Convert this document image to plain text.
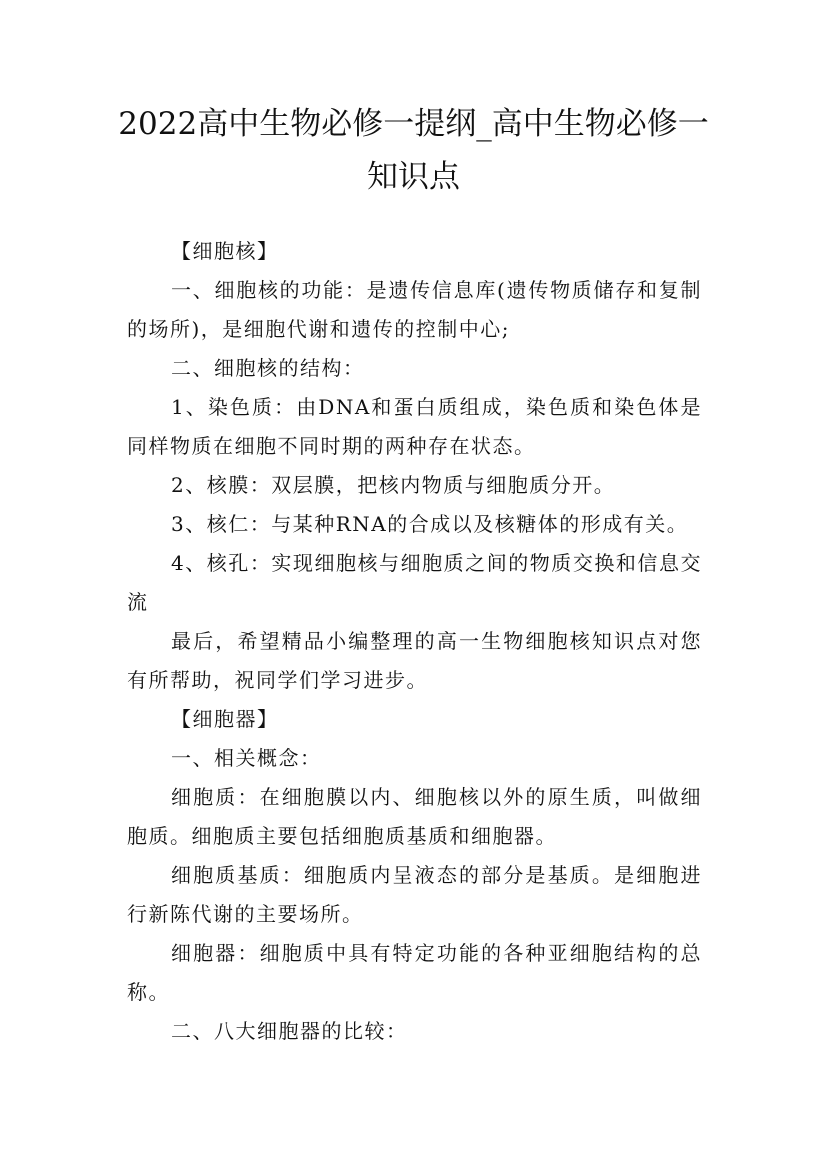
2022高中生物必修一提纲_高中生物必修一
知识点

【细胞核】

一、细胞核的功能：是遗传信息库(遗传物质储存和复制的场所)，是细胞代谢和遗传的控制中心;

二、细胞核的结构：

1、染色质：由DNA和蛋白质组成，染色质和染色体是同样物质在细胞不同时期的两种存在状态。

2、核膜：双层膜，把核内物质与细胞质分开。

3、核仁：与某种RNA的合成以及核糖体的形成有关。

4、核孔：实现细胞核与细胞质之间的物质交换和信息交流

最后，希望精品小编整理的高一生物细胞核知识点对您有所帮助，祝同学们学习进步。

【细胞器】

一、相关概念：

细胞质：在细胞膜以内、细胞核以外的原生质，叫做细胞质。细胞质主要包括细胞质基质和细胞器。

细胞质基质：细胞质内呈液态的部分是基质。是细胞进行新陈代谢的主要场所。

细胞器：细胞质中具有特定功能的各种亚细胞结构的总称。

二、八大细胞器的比较：
